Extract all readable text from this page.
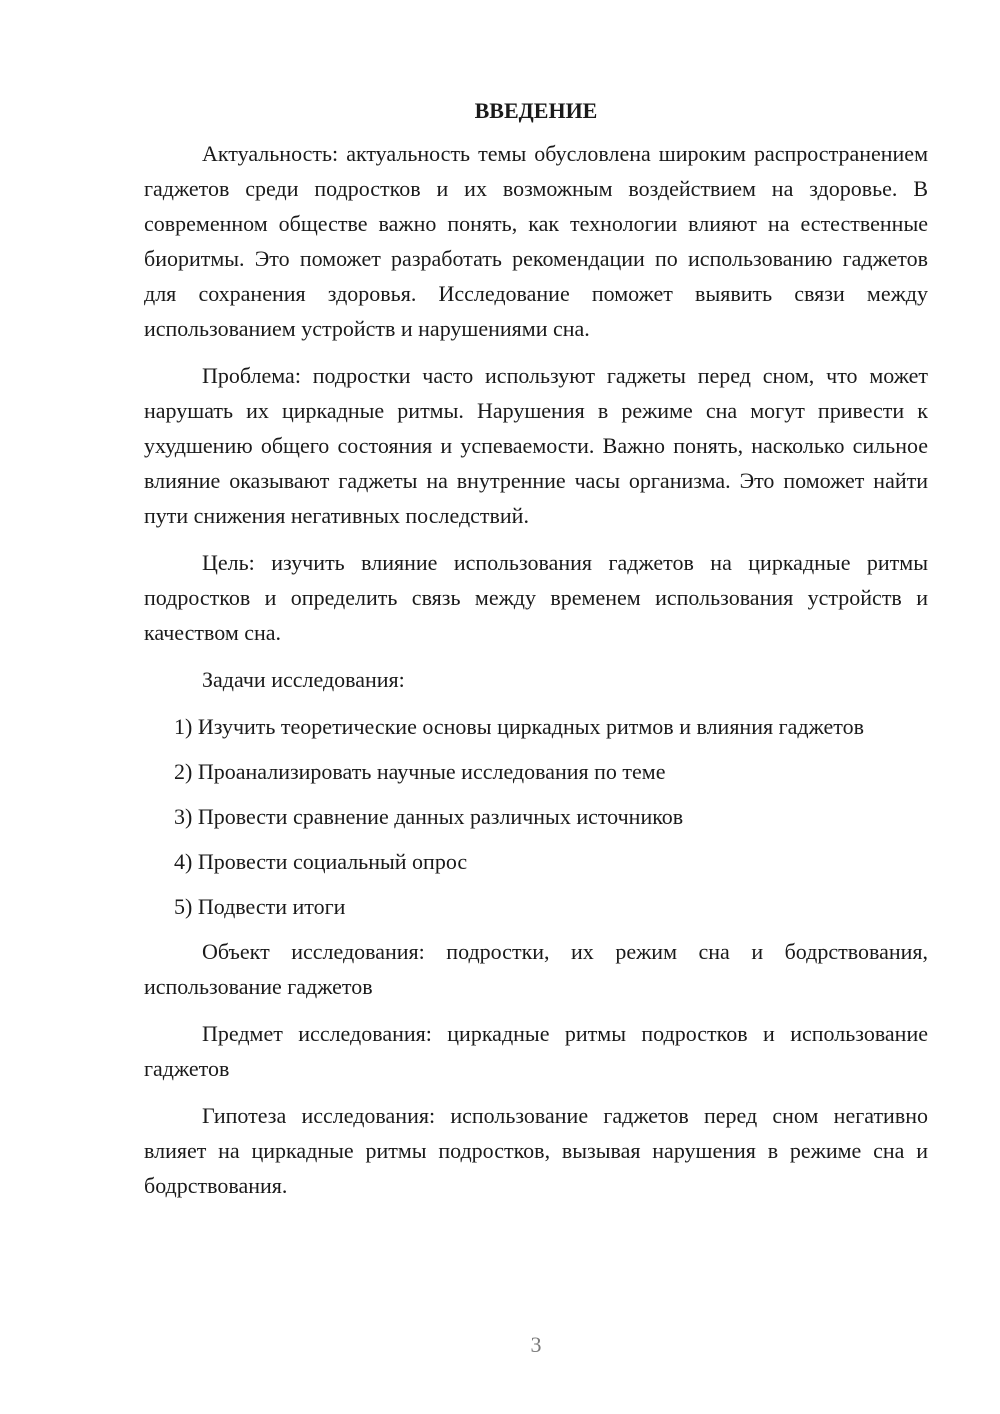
ВВЕДЕНИЕ

Актуальность: актуальность темы обусловлена широким распространением гаджетов среди подростков и их возможным воздействием на здоровье. В современном обществе важно понять, как технологии влияют на естественные биоритмы. Это поможет разработать рекомендации по использованию гаджетов для сохранения здоровья. Исследование поможет выявить связи между использованием устройств и нарушениями сна.

Проблема: подростки часто используют гаджеты перед сном, что может нарушать их циркадные ритмы. Нарушения в режиме сна могут привести к ухудшению общего состояния и успеваемости. Важно понять, насколько сильное влияние оказывают гаджеты на внутренние часы организма. Это поможет найти пути снижения негативных последствий.

Цель: изучить влияние использования гаджетов на циркадные ритмы подростков и определить связь между временем использования устройств и качеством сна.

Задачи исследования:

1) Изучить теоретические основы циркадных ритмов и влияния гаджетов

2) Проанализировать научные исследования по теме

3) Провести сравнение данных различных источников

4) Провести социальный опрос

5) Подвести итоги

Объект исследования: подростки, их режим сна и бодрствования, использование гаджетов

Предмет исследования: циркадные ритмы подростков и использование гаджетов

Гипотеза исследования: использование гаджетов перед сном негативно влияет на циркадные ритмы подростков, вызывая нарушения в режиме сна и бодрствования.

3
